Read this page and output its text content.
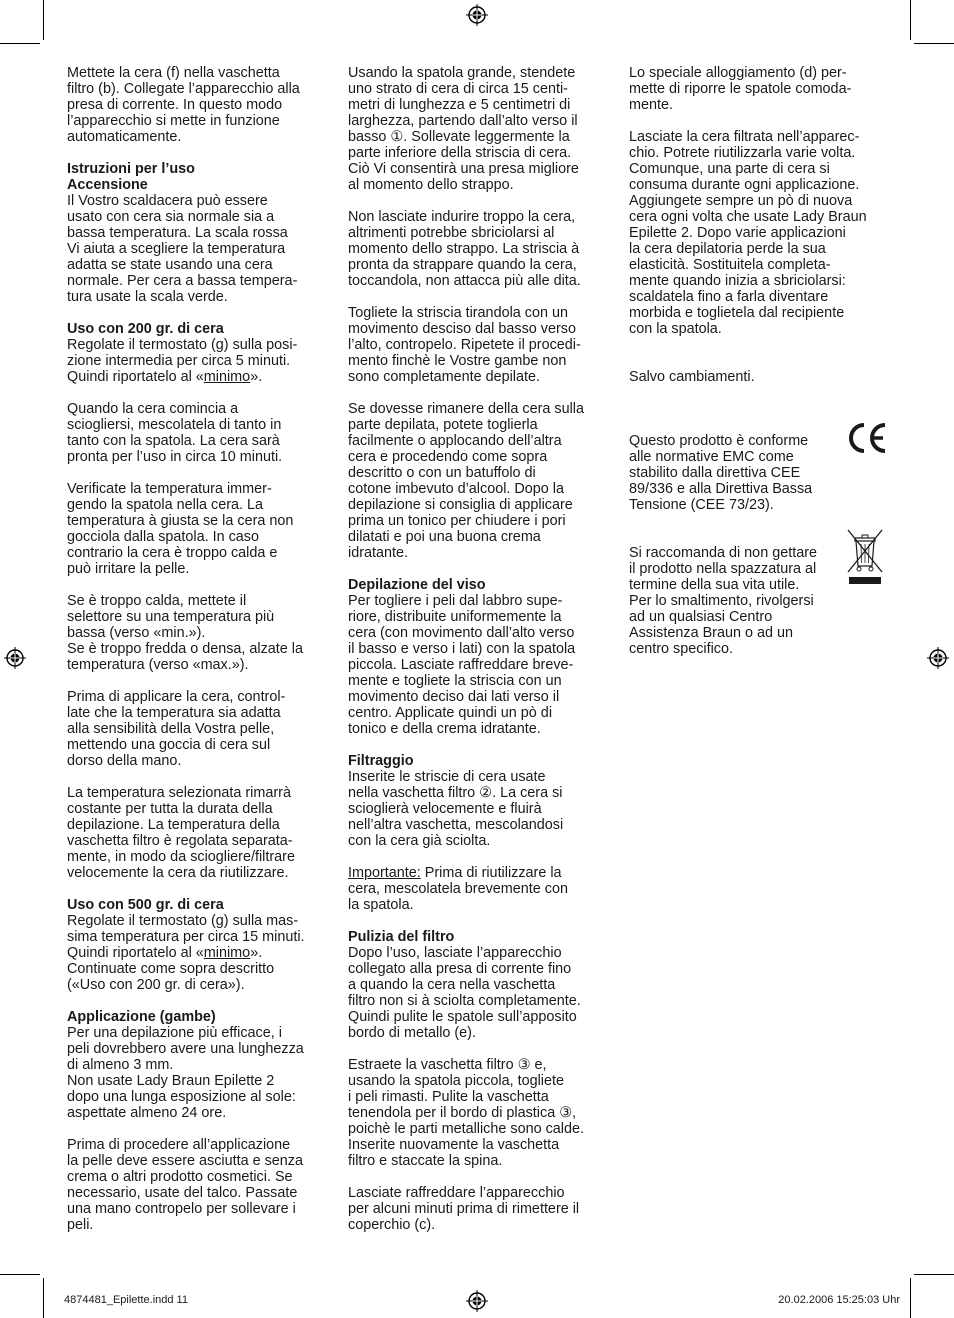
Mettete la cera (f) nella vaschetta
filtro (b). Collegate l’apparecchio alla
presa di corrente. In questo modo
l’apparecchio si mette in funzione
automaticamente.
Istruzioni per l’uso
Accensione
Il Vostro scaldacera può essere
usato con cera sia normale sia a
bassa temperatura. La scala rossa
Vi aiuta a scegliere la temperatura
adatta se state usando una cera
normale. Per cera a bassa tempera-
tura usate la scala verde.
Uso con 200 gr. di cera
Regolate il termostato (g) sulla posi-
zione intermedia per circa 5 minuti.
Quindi riportatelo al «minimo».
Quando la cera comincia a
sciogliersi, mescolatela di tanto in
tanto con la spatola. La cera sarà
pronta per l’uso in circa 10 minuti.
Verificate la temperatura immer-
gendo la spatola nella cera. La
temperatura à giusta se la cera non
gocciola dalla spatola. In caso
contrario la cera è troppo calda e
può irritare la pelle.
Se è troppo calda, mettete il
selettore su una temperatura più
bassa (verso «min.»).
Se è troppo fredda o densa, alzate la
temperatura (verso «max.»).
Prima di applicare la cera, control-
late che la temperatura sia adatta
alla sensibilità della Vostra pelle,
mettendo una goccia di cera sul
dorso della mano.
La temperatura selezionata rimarrà
costante per tutta la durata della
depilazione. La temperatura della
vaschetta filtro è regolata separata-
mente, in modo da sciogliere/filtrare
velocemente la cera da riutilizzare.
Uso con 500 gr. di cera
Regolate il termostato (g) sulla mas-
sima temperatura per circa 15 minuti.
Quindi riportatelo al «minimo».
Continuate come sopra descritto
(«Uso con 200 gr. di cera»).
Applicazione (gambe)
Per una depilazione più efficace, i
peli dovrebbero avere una lunghezza
di almeno 3 mm.
Non usate Lady Braun Epilette 2
dopo una lunga esposizione al sole:
aspettate almeno 24 ore.
Prima di procedere all’applicazione
la pelle deve essere asciutta e senza
crema o altri prodotto cosmetici. Se
necessario, usate del talco. Passate
una mano contropelo per sollevare i
peli.
Usando la spatola grande, stendete
uno strato di cera di circa 15 centi-
metri di lunghezza e 5 centimetri di
larghezza, partendo dall’alto verso il
basso ①. Sollevate leggermente la
parte inferiore della striscia di cera.
Ciò Vi consentirà una presa migliore
al momento dello strappo.
Non lasciate indurire troppo la cera,
altrimenti potrebbe sbriciolarsi al
momento dello strappo. La striscia à
pronta da strappare quando la cera,
toccandola, non attacca più alle dita.
Togliete la striscia tirandola con un
movimento desciso dal basso verso
l’alto, contropelo. Ripetete il procedi-
mento finchè le Vostre gambe non
sono completamente depilate.
Se dovesse rimanere della cera sulla
parte depilata, potete toglierla
facilmente o applocando dell’altra
cera e procedendo come sopra
descritto o con un batuffolo di
cotone imbevuto d’alcool. Dopo la
depilazione si consiglia di applicare
prima un tonico per chiudere i pori
dilatati e poi una buona crema
idratante.
Depilazione del viso
Per togliere i peli dal labbro supe-
riore, distribuite uniformemente la
cera (con movimento dall’alto verso
il basso e verso i lati) con la spatola
piccola. Lasciate raffreddare breve-
mente e togliete la striscia con un
movimento deciso dai lati verso il
centro. Applicate quindi un pò di
tonico e della crema idratante.
Filtraggio
Inserite le striscie di cera usate
nella vaschetta filtro ②. La cera si
scioglierà velocemente e fluirà
nell’altra vaschetta, mescolandosi
con la cera già sciolta.
Importante: Prima di riutilizzare la
cera, mescolatela brevemente con
la spatola.
Pulizia del filtro
Dopo l’uso, lasciate l’apparecchio
collegato alla presa di corrente fino
a quando la cera nella vaschetta
filtro non si à sciolta completamente.
Quindi pulite le spatole sull’apposito
bordo di metallo (e).
Estraete la vaschetta filtro ③ e,
usando la spatola piccola, togliete
i peli rimasti. Pulite la vaschetta
tenendola per il bordo di plastica ③,
poichè le parti metalliche sono calde.
Inserite nuovamente la vaschetta
filtro e staccate la spina.
Lasciate raffreddare l’apparecchio
per alcuni minuti prima di rimettere il
coperchio (c).
Lo speciale alloggiamento (d) per-
mette di riporre le spatole comoda-
mente.
Lasciate la cera filtrata nell’apparec-
chio. Potrete riutilizzarla varie volta.
Comunque, una parte di cera si
consuma durante ogni applicazione.
Aggiungete sempre un pò di nuova
cera ogni volta che usate Lady Braun
Epilette 2. Dopo varie applicazioni
la cera depilatoria perde la sua
elasticità. Sostituitela completa-
mente quando inizia a sbriciolarsi:
scaldatela fino a farla diventare
morbida e toglietela dal recipiente
con la spatola.
Salvo cambiamenti.
Questo prodotto è conforme
alle normative EMC come
stabilito dalla direttiva CEE
89/336 e alla Direttiva Bassa
Tensione (CEE 73/23).
Si raccomanda di non gettare
il prodotto nella spazzatura al
termine della sua vita utile.
Per lo smaltimento, rivolgersi
ad un qualsiasi Centro
Assistenza Braun o ad un
centro specifico.
4874481_Epilette.indd 11	20.02.2006 15:25:03 Uhr
